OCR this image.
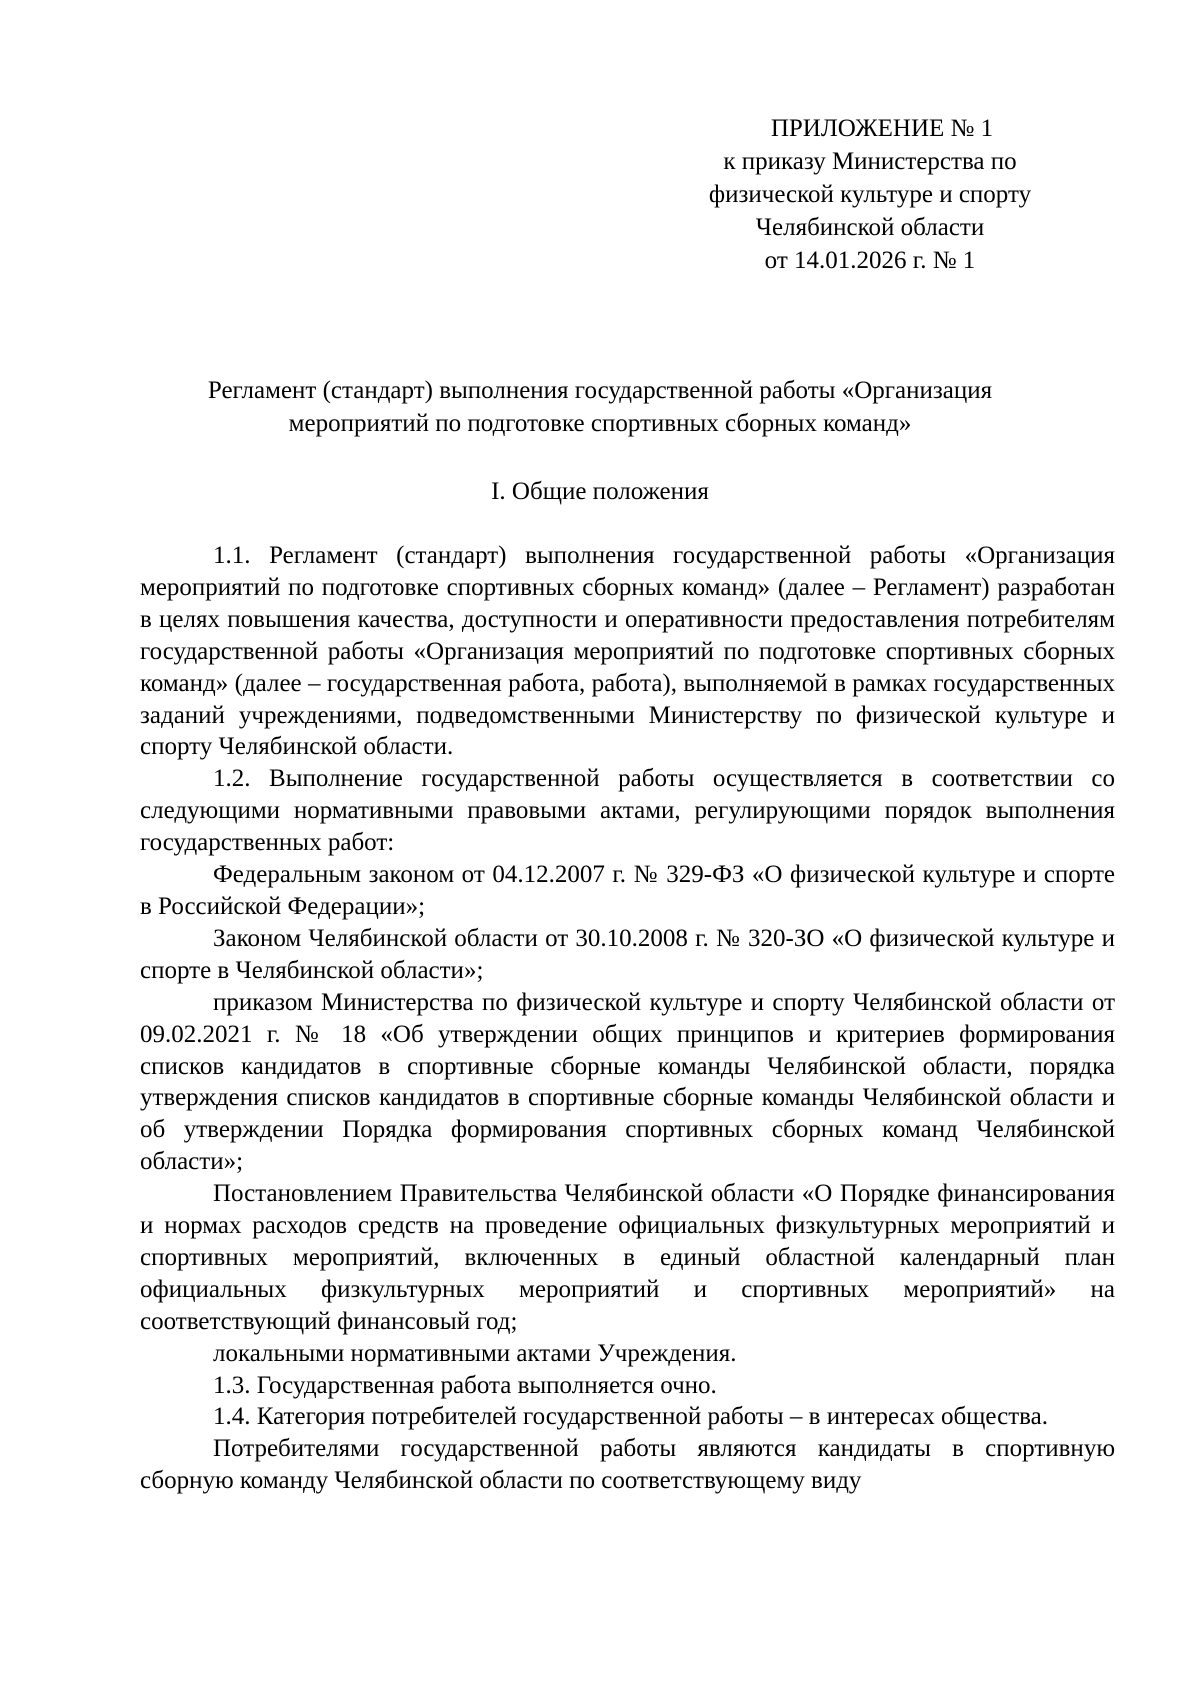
ПРИЛОЖЕНИЕ № 1
к приказу Министерства по
физической культуре и спорту
Челябинской области
от 14.01.2026 г. № 1
Регламент (стандарт) выполнения государственной работы «Организация
мероприятий по подготовке спортивных сборных команд»
I. Общие положения

1.1. Регламент (стандарт) выполнения государственной работы «Организация мероприятий по подготовке спортивных сборных команд» (далее – Регламент) разработан в целях повышения качества, доступности и оперативности предоставления потребителям государственной работы «Организация мероприятий по подготовке спортивных сборных команд» (далее – государственная работа, работа), выполняемой в рамках государственных заданий учреждениями, подведомственными Министерству по физической культуре и спорту Челябинской области.

1.2. Выполнение государственной работы осуществляется в соответствии со следующими нормативными правовыми актами, регулирующими порядок выполнения государственных работ:

Федеральным законом от 04.12.2007 г. № 329-ФЗ «О физической культуре и спорте в Российской Федерации»;

Законом Челябинской области от 30.10.2008 г. № 320-ЗО «О физической культуре и спорте в Челябинской области»;

приказом Министерства по физической культуре и спорту Челябинской области от 09.02.2021 г. № 18 «Об утверждении общих принципов и критериев формирования списков кандидатов в спортивные сборные команды Челябинской области, порядка утверждения списков кандидатов в спортивные сборные команды Челябинской области и об утверждении Порядка формирования спортивных сборных команд Челябинской области»;

Постановлением Правительства Челябинской области «О Порядке финансирования и нормах расходов средств на проведение официальных физкультурных мероприятий и спортивных мероприятий, включенных в единый областной календарный план официальных физкультурных мероприятий и спортивных мероприятий» на соответствующий финансовый год;

локальными нормативными актами Учреждения.

1.3. Государственная работа выполняется очно.

1.4. Категория потребителей государственной работы – в интересах общества.

Потребителями государственной работы являются кандидаты в спортивную сборную команду Челябинской области по соответствующему виду
